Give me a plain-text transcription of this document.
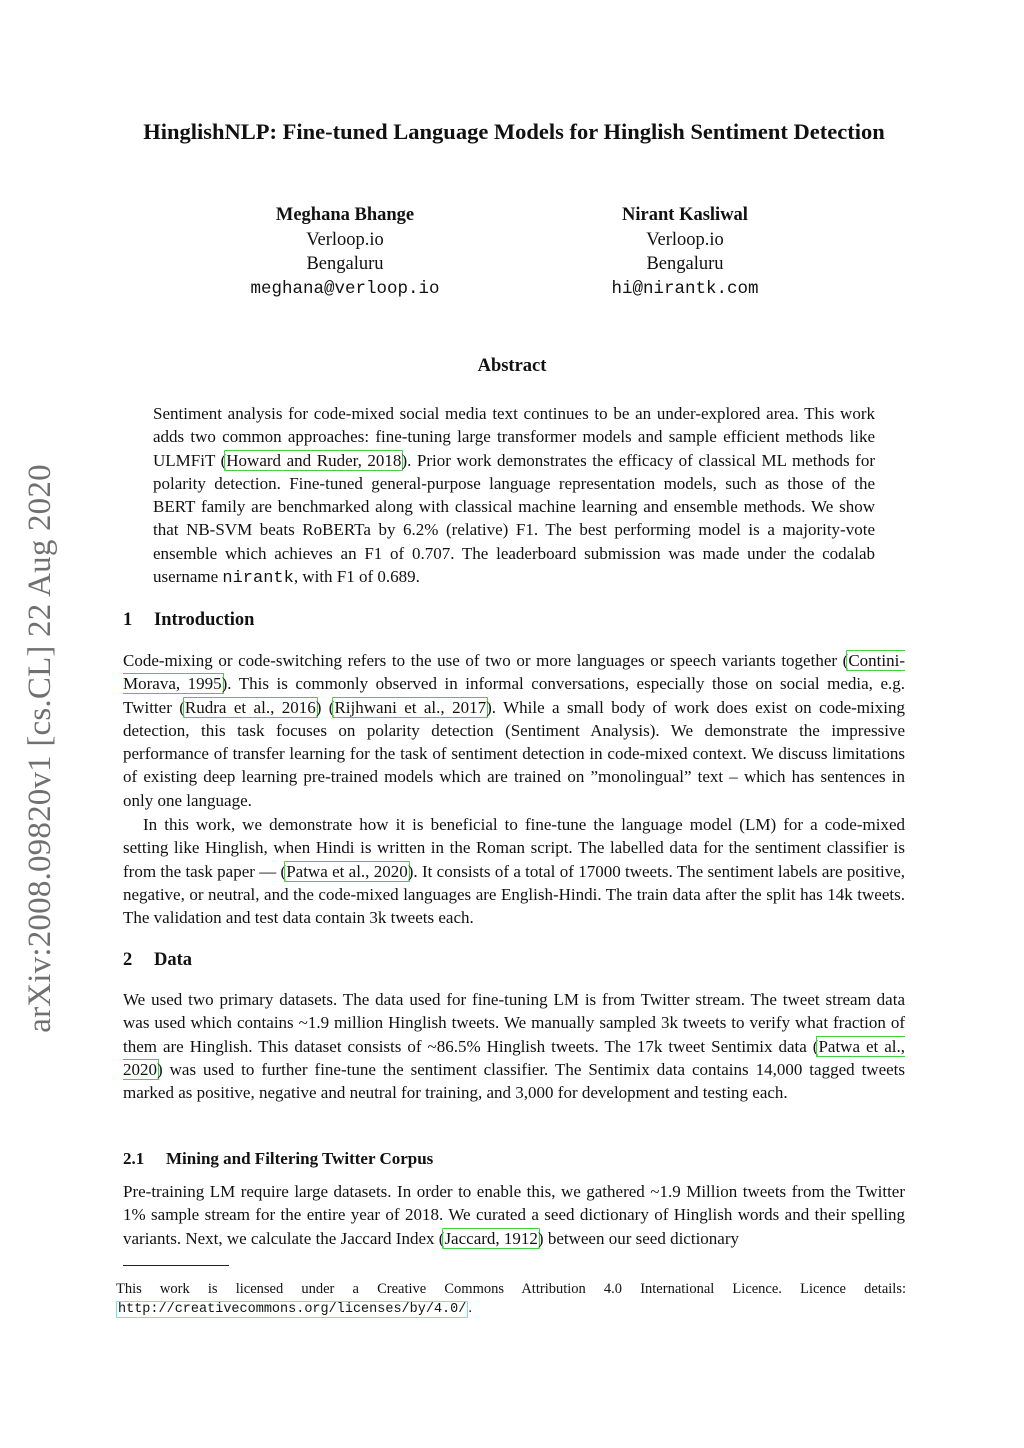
arXiv:2008.09820v1 [cs.CL] 22 Aug 2020
HinglishNLP: Fine-tuned Language Models for Hinglish Sentiment Detection
Meghana Bhange
Verloop.io
Bengaluru
meghana@verloop.io
Nirant Kasliwal
Verloop.io
Bengaluru
hi@nirantk.com
Abstract

Sentiment analysis for code-mixed social media text continues to be an under-explored area. This work adds two common approaches: fine-tuning large transformer models and sample efficient methods like ULMFiT (Howard and Ruder, 2018). Prior work demonstrates the efficacy of classical ML methods for polarity detection. Fine-tuned general-purpose language representation models, such as those of the BERT family are benchmarked along with classical machine learning and ensemble methods. We show that NB-SVM beats RoBERTa by 6.2% (relative) F1. The best performing model is a majority-vote ensemble which achieves an F1 of 0.707. The leaderboard submission was made under the codalab username nirantk, with F1 of 0.689.

1 Introduction

Code-mixing or code-switching refers to the use of two or more languages or speech variants together (Contini-Morava, 1995). This is commonly observed in informal conversations, especially those on social media, e.g. Twitter (Rudra et al., 2016) (Rijhwani et al., 2017). While a small body of work does exist on code-mixing detection, this task focuses on polarity detection (Sentiment Analysis). We demonstrate the impressive performance of transfer learning for the task of sentiment detection in code-mixed context. We discuss limitations of existing deep learning pre-trained models which are trained on ”monolingual” text – which has sentences in only one language.

In this work, we demonstrate how it is beneficial to fine-tune the language model (LM) for a code-mixed setting like Hinglish, when Hindi is written in the Roman script. The labelled data for the sentiment classifier is from the task paper — (Patwa et al., 2020). It consists of a total of 17000 tweets. The sentiment labels are positive, negative, or neutral, and the code-mixed languages are English-Hindi. The train data after the split has 14k tweets. The validation and test data contain 3k tweets each.

2 Data

We used two primary datasets. The data used for fine-tuning LM is from Twitter stream. The tweet stream data was used which contains ~1.9 million Hinglish tweets. We manually sampled 3k tweets to verify what fraction of them are Hinglish. This dataset consists of ~86.5% Hinglish tweets. The 17k tweet Sentimix data (Patwa et al., 2020) was used to further fine-tune the sentiment classifier. The Sentimix data contains 14,000 tagged tweets marked as positive, negative and neutral for training, and 3,000 for development and testing each.

2.1 Mining and Filtering Twitter Corpus

Pre-training LM require large datasets. In order to enable this, we gathered ~1.9 Million tweets from the Twitter 1% sample stream for the entire year of 2018. We curated a seed dictionary of Hinglish words and their spelling variants. Next, we calculate the Jaccard Index (Jaccard, 1912) between our seed dictionary

This work is licensed under a Creative Commons Attribution 4.0 International Licence. Licence details: http://creativecommons.org/licenses/by/4.0/ .
